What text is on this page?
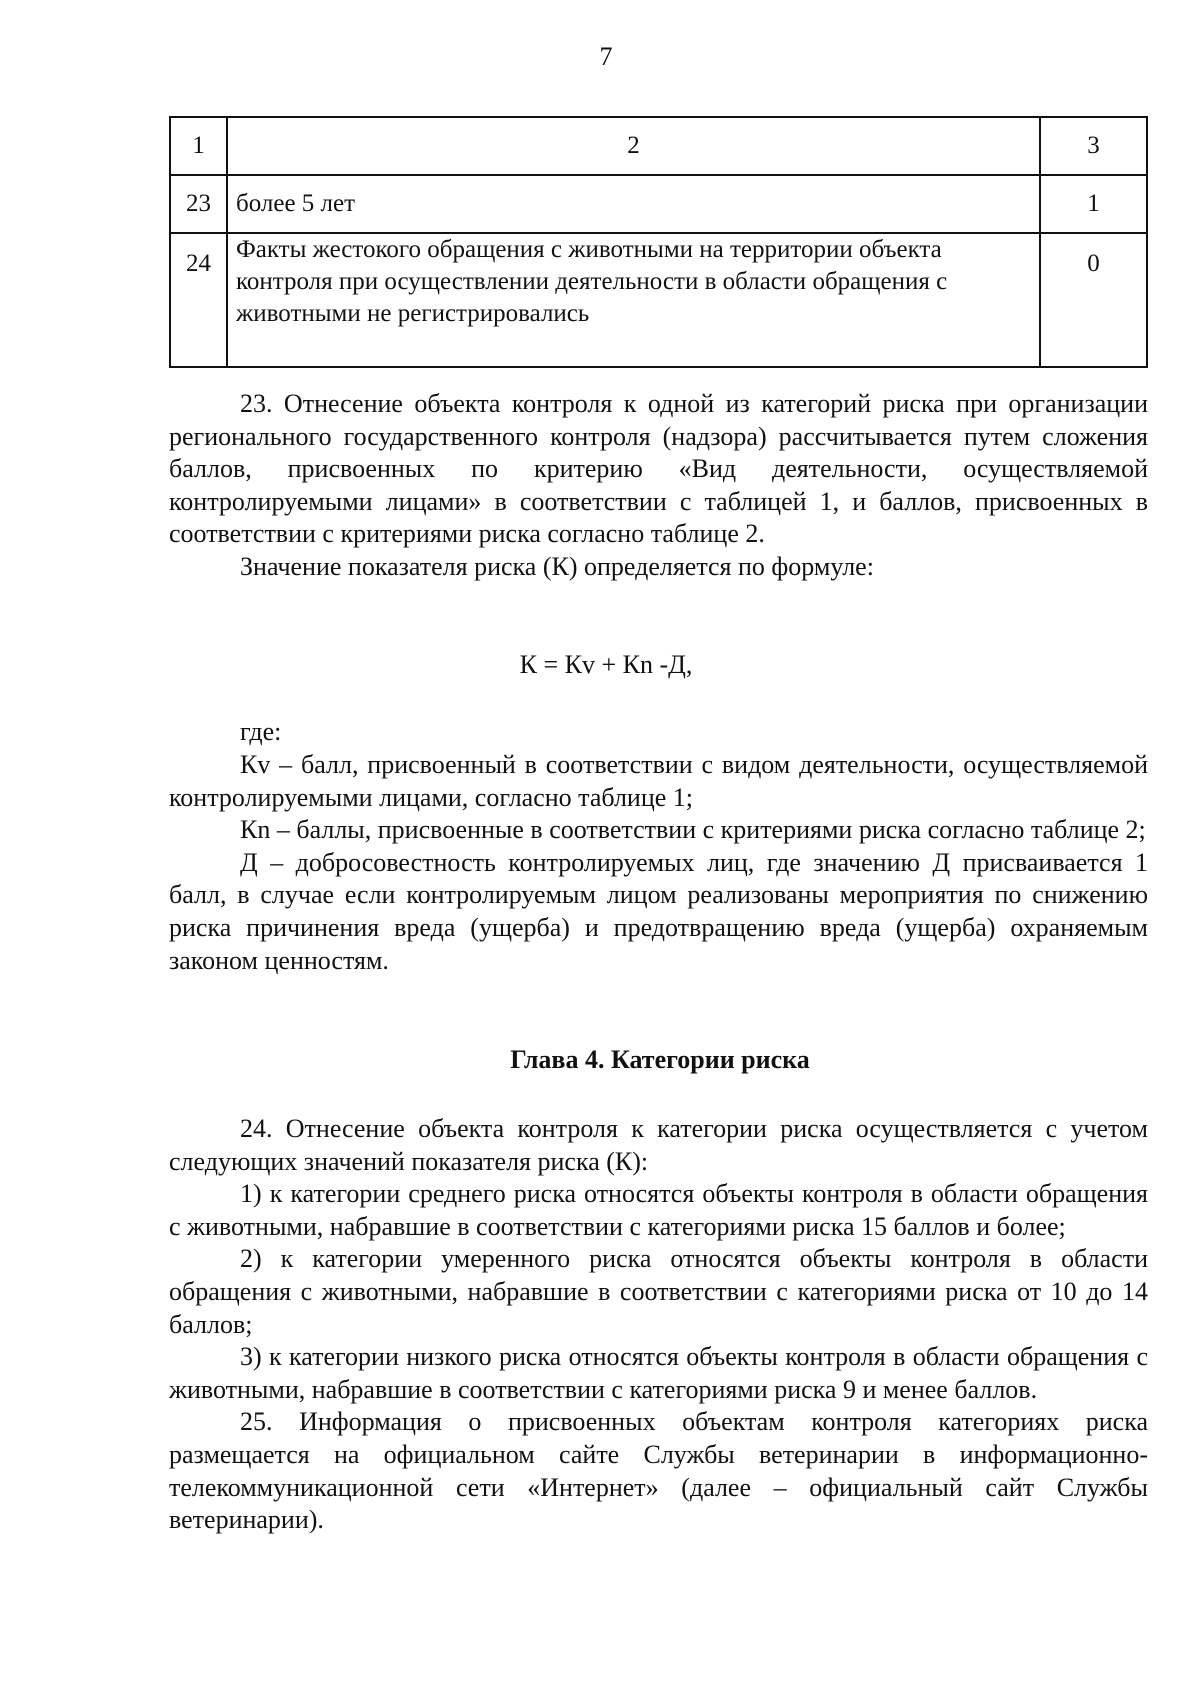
7
1	2	3
23	более 5 лет	1
24	Факты жестокого обращения с животными на территории объекта контроля при осуществлении деятельности в области обращения с животными не регистрировались	0

23. Отнесение объекта контроля к одной из категорий риска при организации регионального государственного контроля (надзора) рассчитывается путем сложения баллов, присвоенных по критерию «Вид деятельности, осуществляемой контролируемыми лицами» в соответствии с таблицей 1, и баллов, присвоенных в соответствии с критериями риска согласно таблице 2.

Значение показателя риска (К) определяется по формуле:

К = Кv + Кn -Д,
где:

Кv – балл, присвоенный в соответствии с видом деятельности, осуществляемой контролируемыми лицами, согласно таблице 1;

Кn – баллы, присвоенные в соответствии с критериями риска согласно таблице 2;

Д – добросовестность контролируемых лиц, где значению Д присваивается 1 балл, в случае если контролируемым лицом реализованы мероприятия по снижению риска причинения вреда (ущерба) и предотвращению вреда (ущерба) охраняемым законом ценностям.

Глава 4. Категории риска

24. Отнесение объекта контроля к категории риска осуществляется с учетом следующих значений показателя риска (К):

1) к категории среднего риска относятся объекты контроля в области обращения с животными, набравшие в соответствии с категориями риска 15 баллов и более;

2) к категории умеренного риска относятся объекты контроля в области обращения с животными, набравшие в соответствии с категориями риска от 10 до 14 баллов;

3) к категории низкого риска относятся объекты контроля в области обращения с животными, набравшие в соответствии с категориями риска 9 и менее баллов.

25. Информация о присвоенных объектам контроля категориях риска размещается на официальном сайте Службы ветеринарии в информационно-телекоммуникационной сети «Интернет» (далее – официальный сайт Службы ветеринарии).
